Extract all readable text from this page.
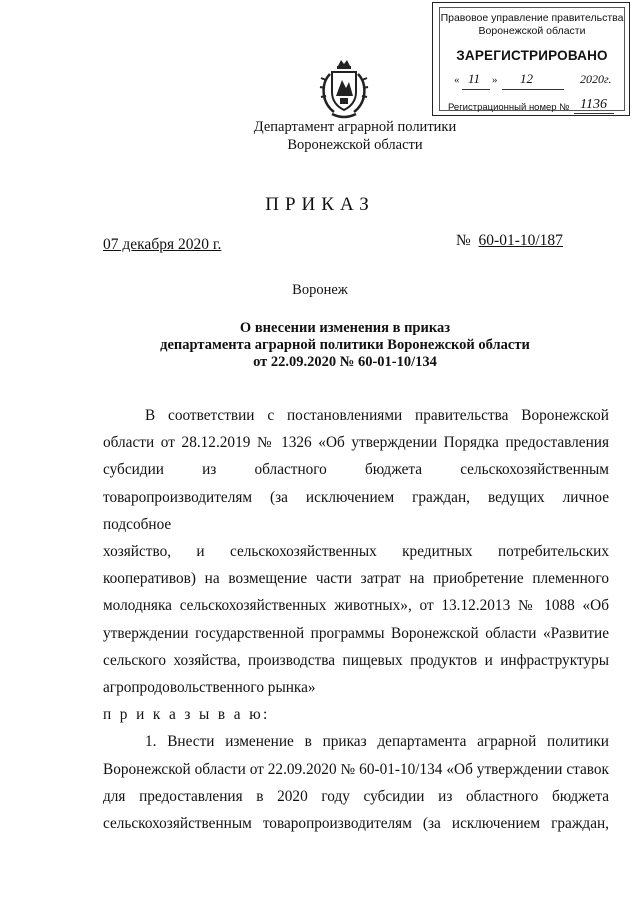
Правовое управление правительства
Воронежской области
ЗАРЕГИСТРИРОВАНО
« 11 » 12	2020г.
Регистрационный номер № 1136
Департамент аграрной политики
Воронежской области
ПРИКАЗ
07 декабря 2020 г.	№ 60-01-10/187
Воронеж
О внесении изменения в приказ
департамента аграрной политики Воронежской области
от 22.09.2020 № 60-01-10/134

В соответствии с постановлениями правительства Воронежской

области от 28.12.2019 № 1326 «Об утверждении Порядка предоставления

субсидии из областного бюджета сельскохозяйственным

товаропроизводителям (за исключением граждан, ведущих личное подсобное

хозяйство, и сельскохозяйственных кредитных потребительских

кооперативов) на возмещение части затрат на приобретение племенного

молодняка сельскохозяйственных животных», от 13.12.2013 № 1088 «Об

утверждении государственной программы Воронежской области «Развитие

сельского хозяйства, производства пищевых продуктов и инфраструктуры

агропродовольственного рынка»

п р и к а з ы в а ю:

1. Внести изменение в приказ департамента аграрной политики

Воронежской области от 22.09.2020 № 60-01-10/134 «Об утверждении ставок

для предоставления в 2020 году субсидии из областного бюджета

сельскохозяйственным товаропроизводителям (за исключением граждан,
